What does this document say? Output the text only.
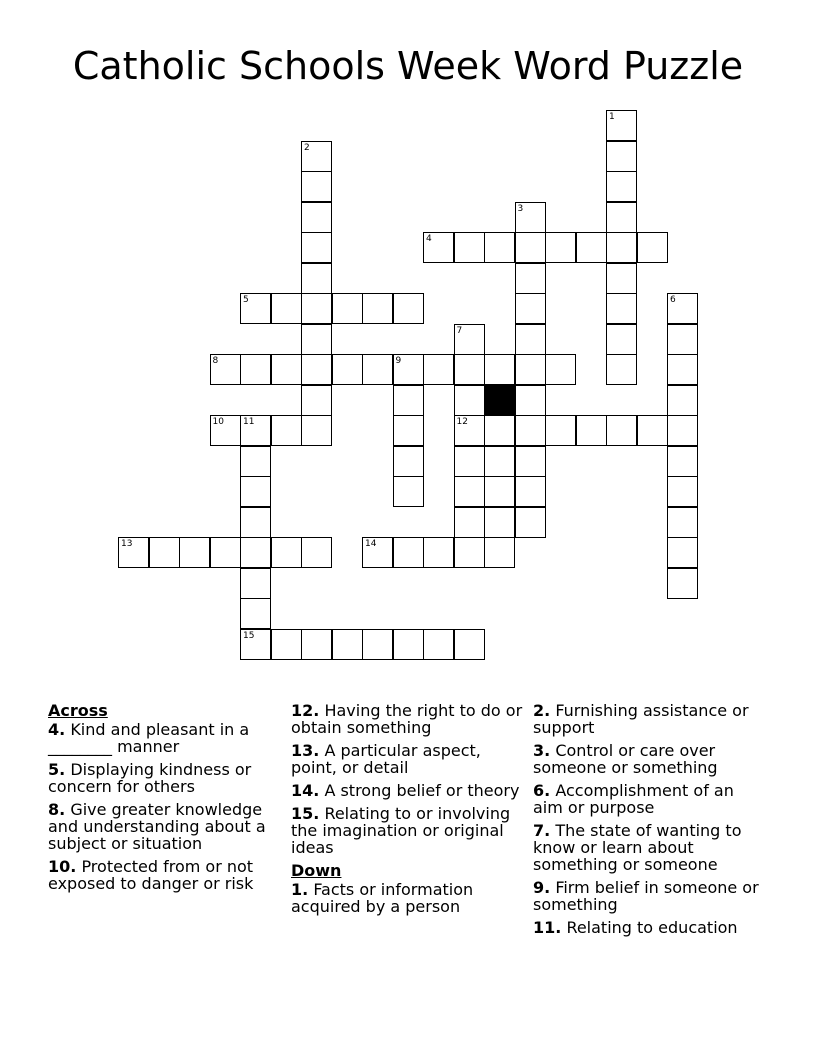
Catholic Schools Week Word Puzzle
1
2
3
4
5	6
7
8	9
10 11	12
13	14
15
Across
4. Kind and pleasant in a ________ manner
5. Displaying kindness or concern for others
8. Give greater knowledge and understanding about a subject or situation
10. Protected from or not exposed to danger or risk
12. Having the right to do or obtain something
13. A particular aspect, point, or detail
14. A strong belief or theory
15. Relating to or involving the imagination or original ideas
Down
1. Facts or information acquired by a person
2. Furnishing assistance or support
3. Control or care over someone or something
6. Accomplishment of an aim or purpose
7. The state of wanting to know or learn about something or someone
9. Firm belief in someone or something
11. Relating to education
